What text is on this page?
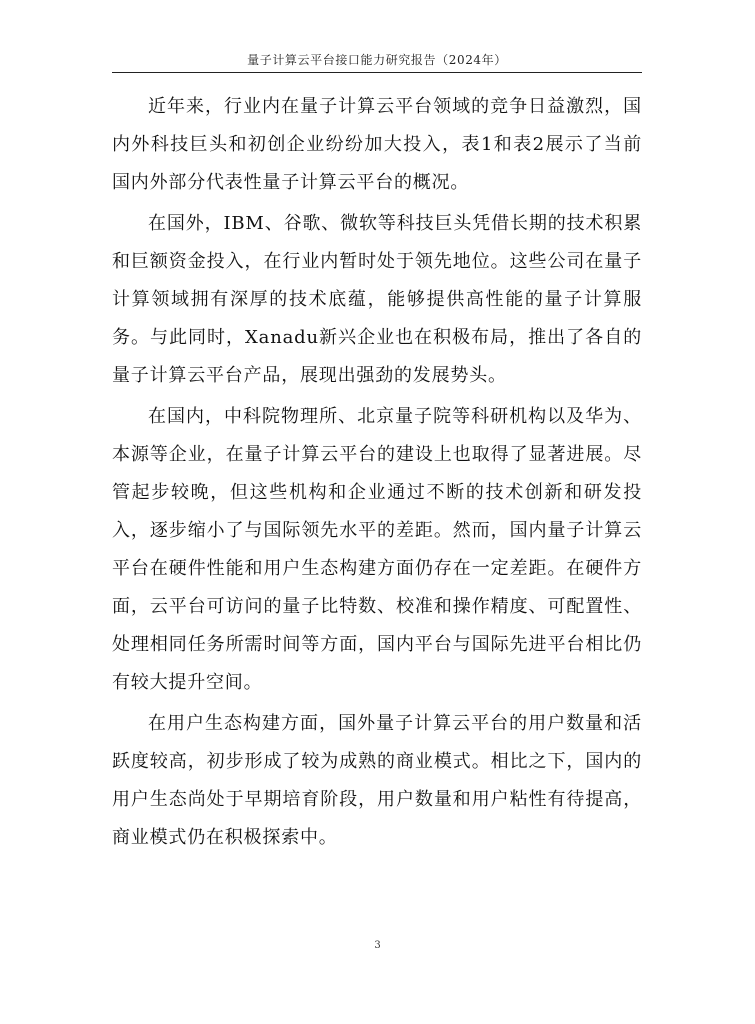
量子计算云平台接口能力研究报告（2024年）

近年来，行业内在量子计算云平台领域的竞争日益激烈，国内外科技巨头和初创企业纷纷加大投入，表1和表2展示了当前国内外部分代表性量子计算云平台的概况。

在国外，IBM、谷歌、微软等科技巨头凭借长期的技术积累和巨额资金投入，在行业内暂时处于领先地位。这些公司在量子计算领域拥有深厚的技术底蕴，能够提供高性能的量子计算服务。与此同时，Xanadu新兴企业也在积极布局，推出了各自的量子计算云平台产品，展现出强劲的发展势头。

在国内，中科院物理所、北京量子院等科研机构以及华为、本源等企业，在量子计算云平台的建设上也取得了显著进展。尽管起步较晚，但这些机构和企业通过不断的技术创新和研发投入，逐步缩小了与国际领先水平的差距。然而，国内量子计算云平台在硬件性能和用户生态构建方面仍存在一定差距。在硬件方面，云平台可访问的量子比特数、校准和操作精度、可配置性、处理相同任务所需时间等方面，国内平台与国际先进平台相比仍有较大提升空间。

在用户生态构建方面，国外量子计算云平台的用户数量和活跃度较高，初步形成了较为成熟的商业模式。相比之下，国内的用户生态尚处于早期培育阶段，用户数量和用户粘性有待提高，商业模式仍在积极探索中。

3
